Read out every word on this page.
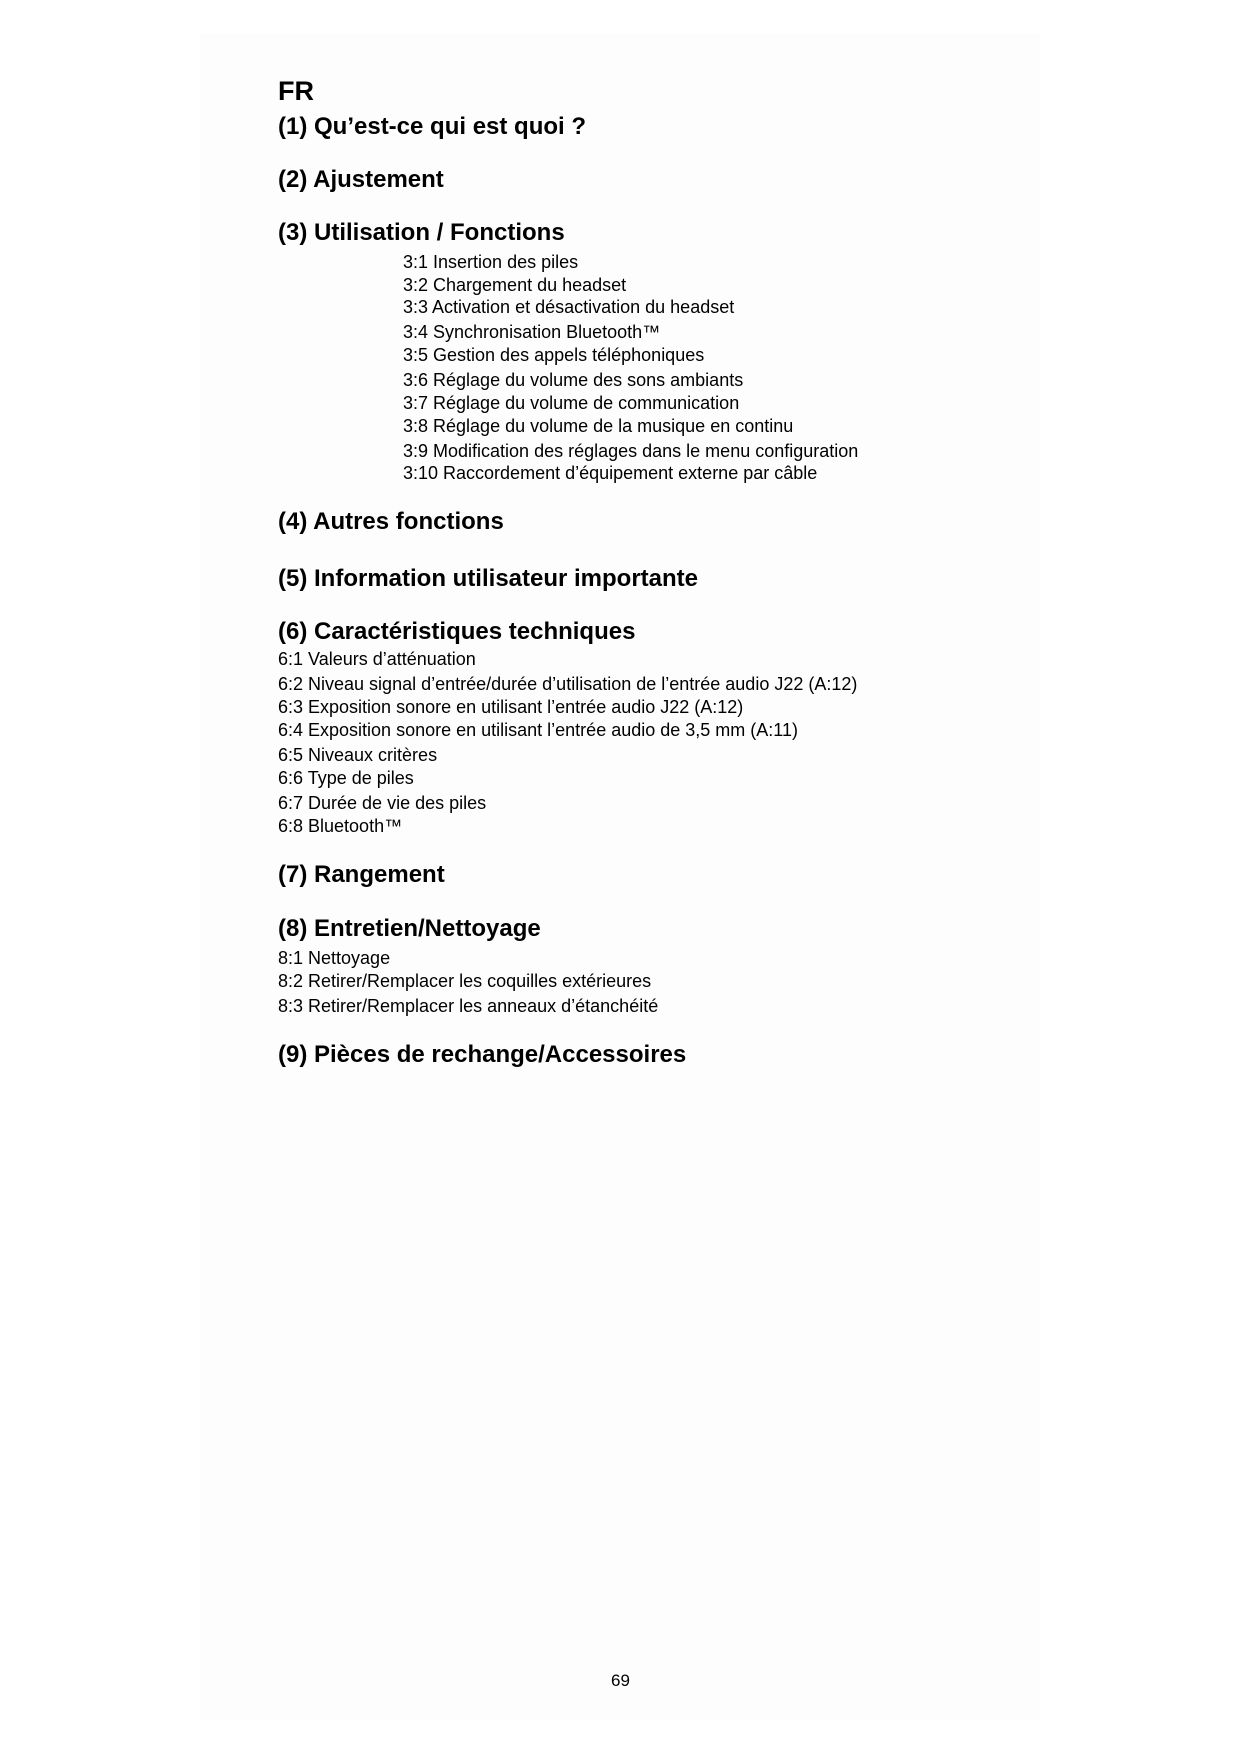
FR
(1) Qu’est-ce qui est quoi ?
(2) Ajustement
(3) Utilisation / Fonctions
3:1 Insertion des piles
3:2 Chargement du headset
3:3 Activation et désactivation du headset
3:4 Synchronisation Bluetooth™
3:5 Gestion des appels téléphoniques
3:6 Réglage du volume des sons ambiants
3:7 Réglage du volume de communication
3:8 Réglage du volume de la musique en continu
3:9 Modification des réglages dans le menu configuration
3:10 Raccordement d’équipement externe par câble
(4) Autres fonctions
(5) Information utilisateur importante
(6) Caractéristiques techniques
6:1 Valeurs d’atténuation
6:2 Niveau signal d’entrée/durée d’utilisation de l’entrée audio J22 (A:12)
6:3 Exposition sonore en utilisant l’entrée audio J22 (A:12)
6:4 Exposition sonore en utilisant l’entrée audio de 3,5 mm (A:11)
6:5 Niveaux critères
6:6 Type de piles
6:7 Durée de vie des piles
6:8 Bluetooth™
(7) Rangement
(8) Entretien/Nettoyage
8:1 Nettoyage
8:2 Retirer/Remplacer les coquilles extérieures
8:3 Retirer/Remplacer les anneaux d’étanchéité
(9) Pièces de rechange/Accessoires
69
